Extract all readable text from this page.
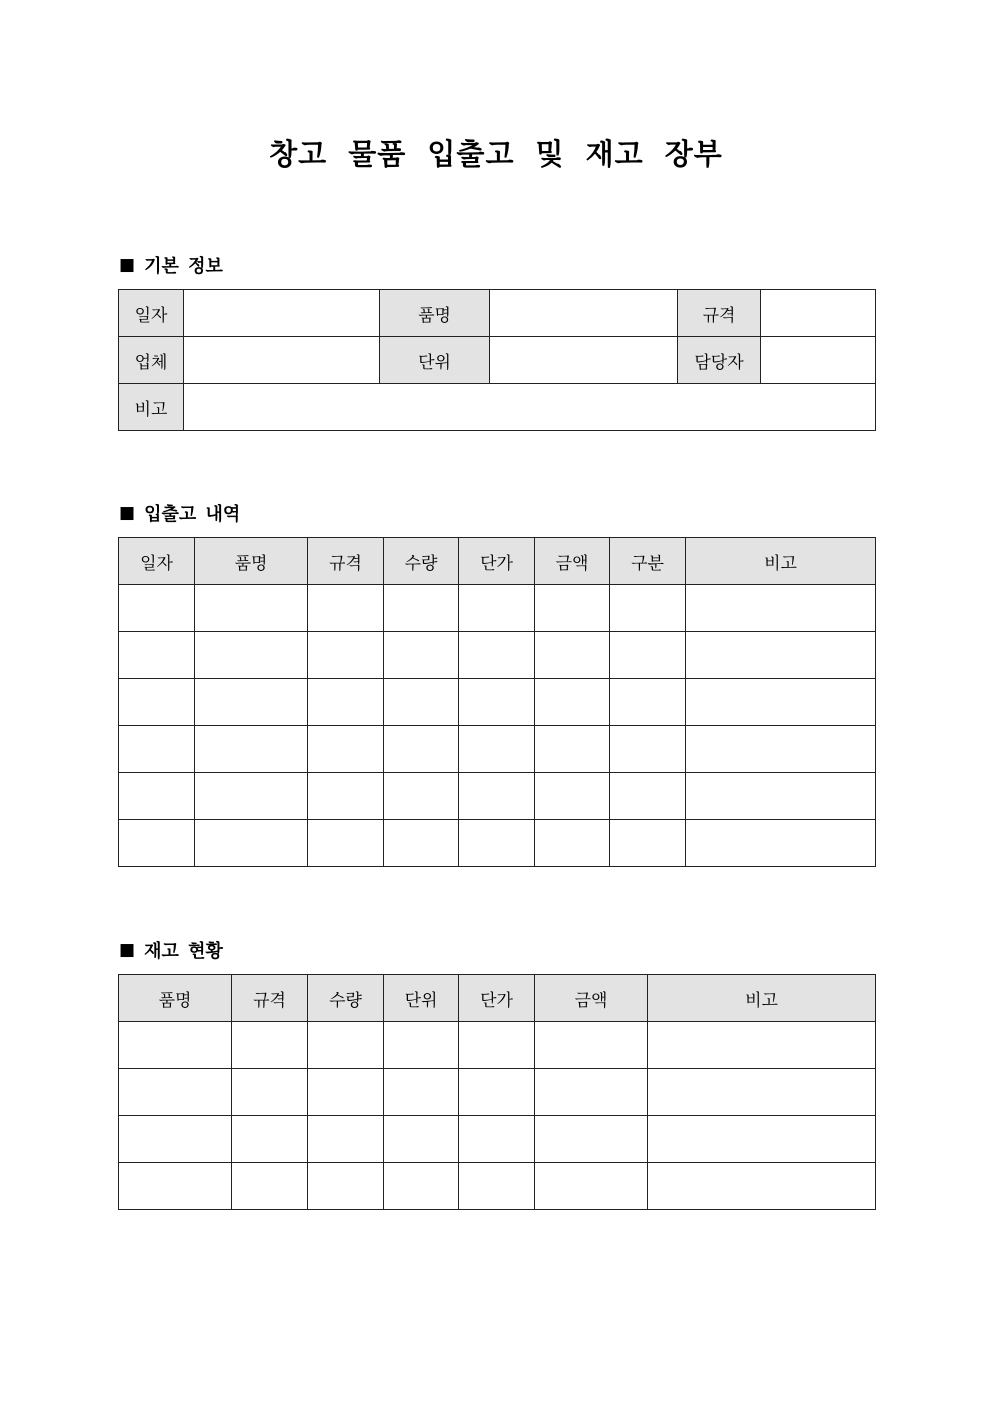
창고 물품 입출고 및 재고 장부
■ 기본 정보
일자		품명		규격	
업체		단위		담당자	
비고					
■ 입출고 내역
일자	품명	규격	수량	단가	금액	구분	비고

■ 재고 현황
품명	규격	수량	단위	단가	금액	비고
